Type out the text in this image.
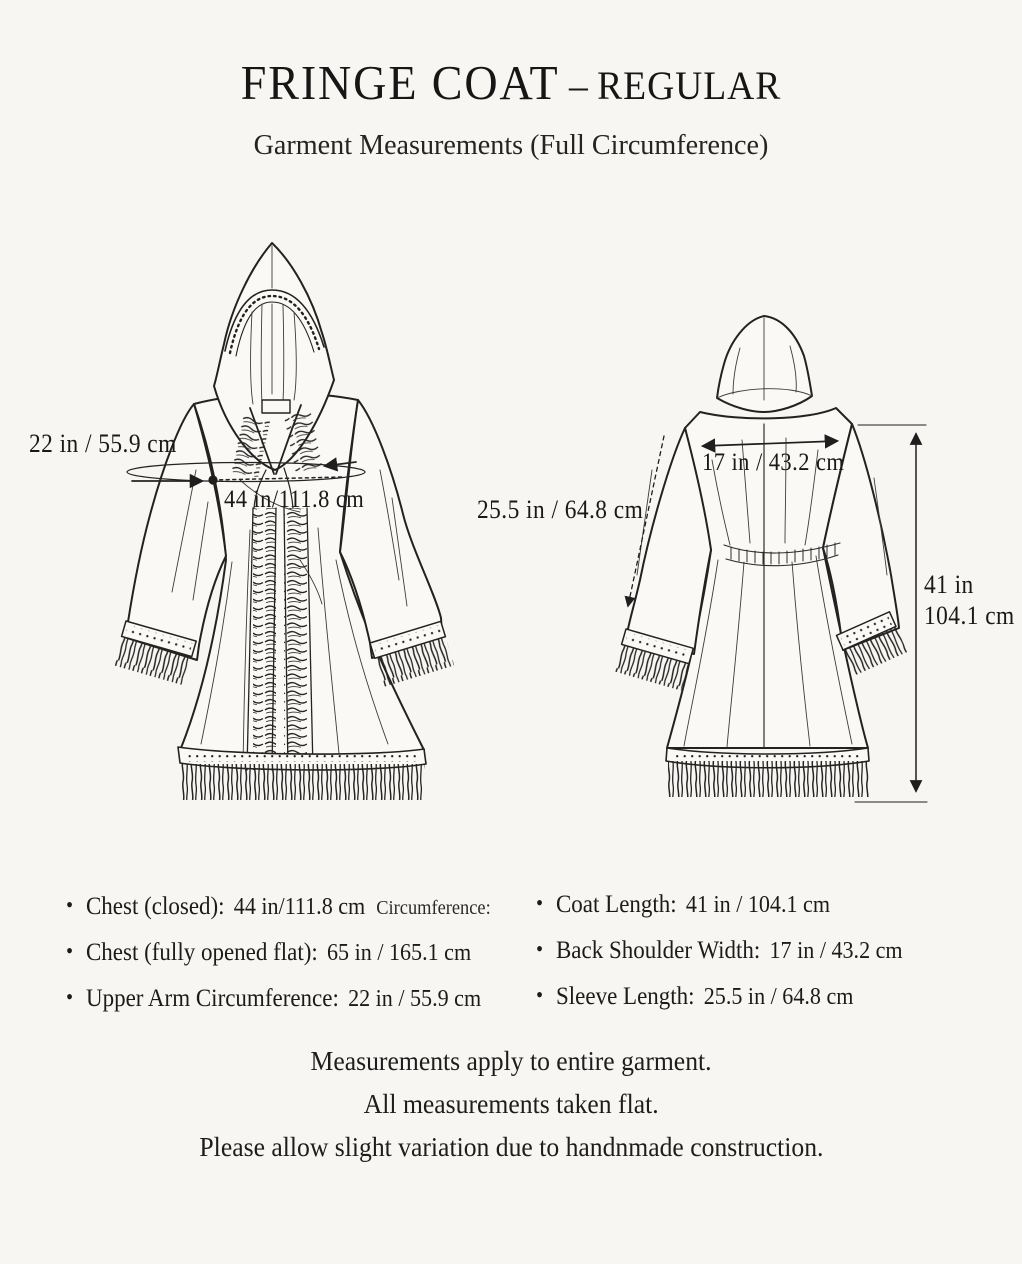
FRINGE COAT – REGULAR
Garment Measurements (Full Circumference)
22 in / 55.9 cm
44 in/111.8 cm	25.5 in / 64.8 cm
17 in / 43.2 cm
41 in
104.1 cm
• Chest (closed): 44 in/111.8 cm Circumference:
• Chest (fully opened flat): 65 in / 165.1 cm
• Upper Arm Circumference: 22 in / 55.9 cm
• Coat Length: 41 in / 104.1 cm
• Back Shoulder Width: 17 in / 43.2 cm
• Sleeve Length: 25.5 in / 64.8 cm
Measurements apply to entire garment.
All measurements taken flat.
Please allow slight variation due to handnmade construction.
